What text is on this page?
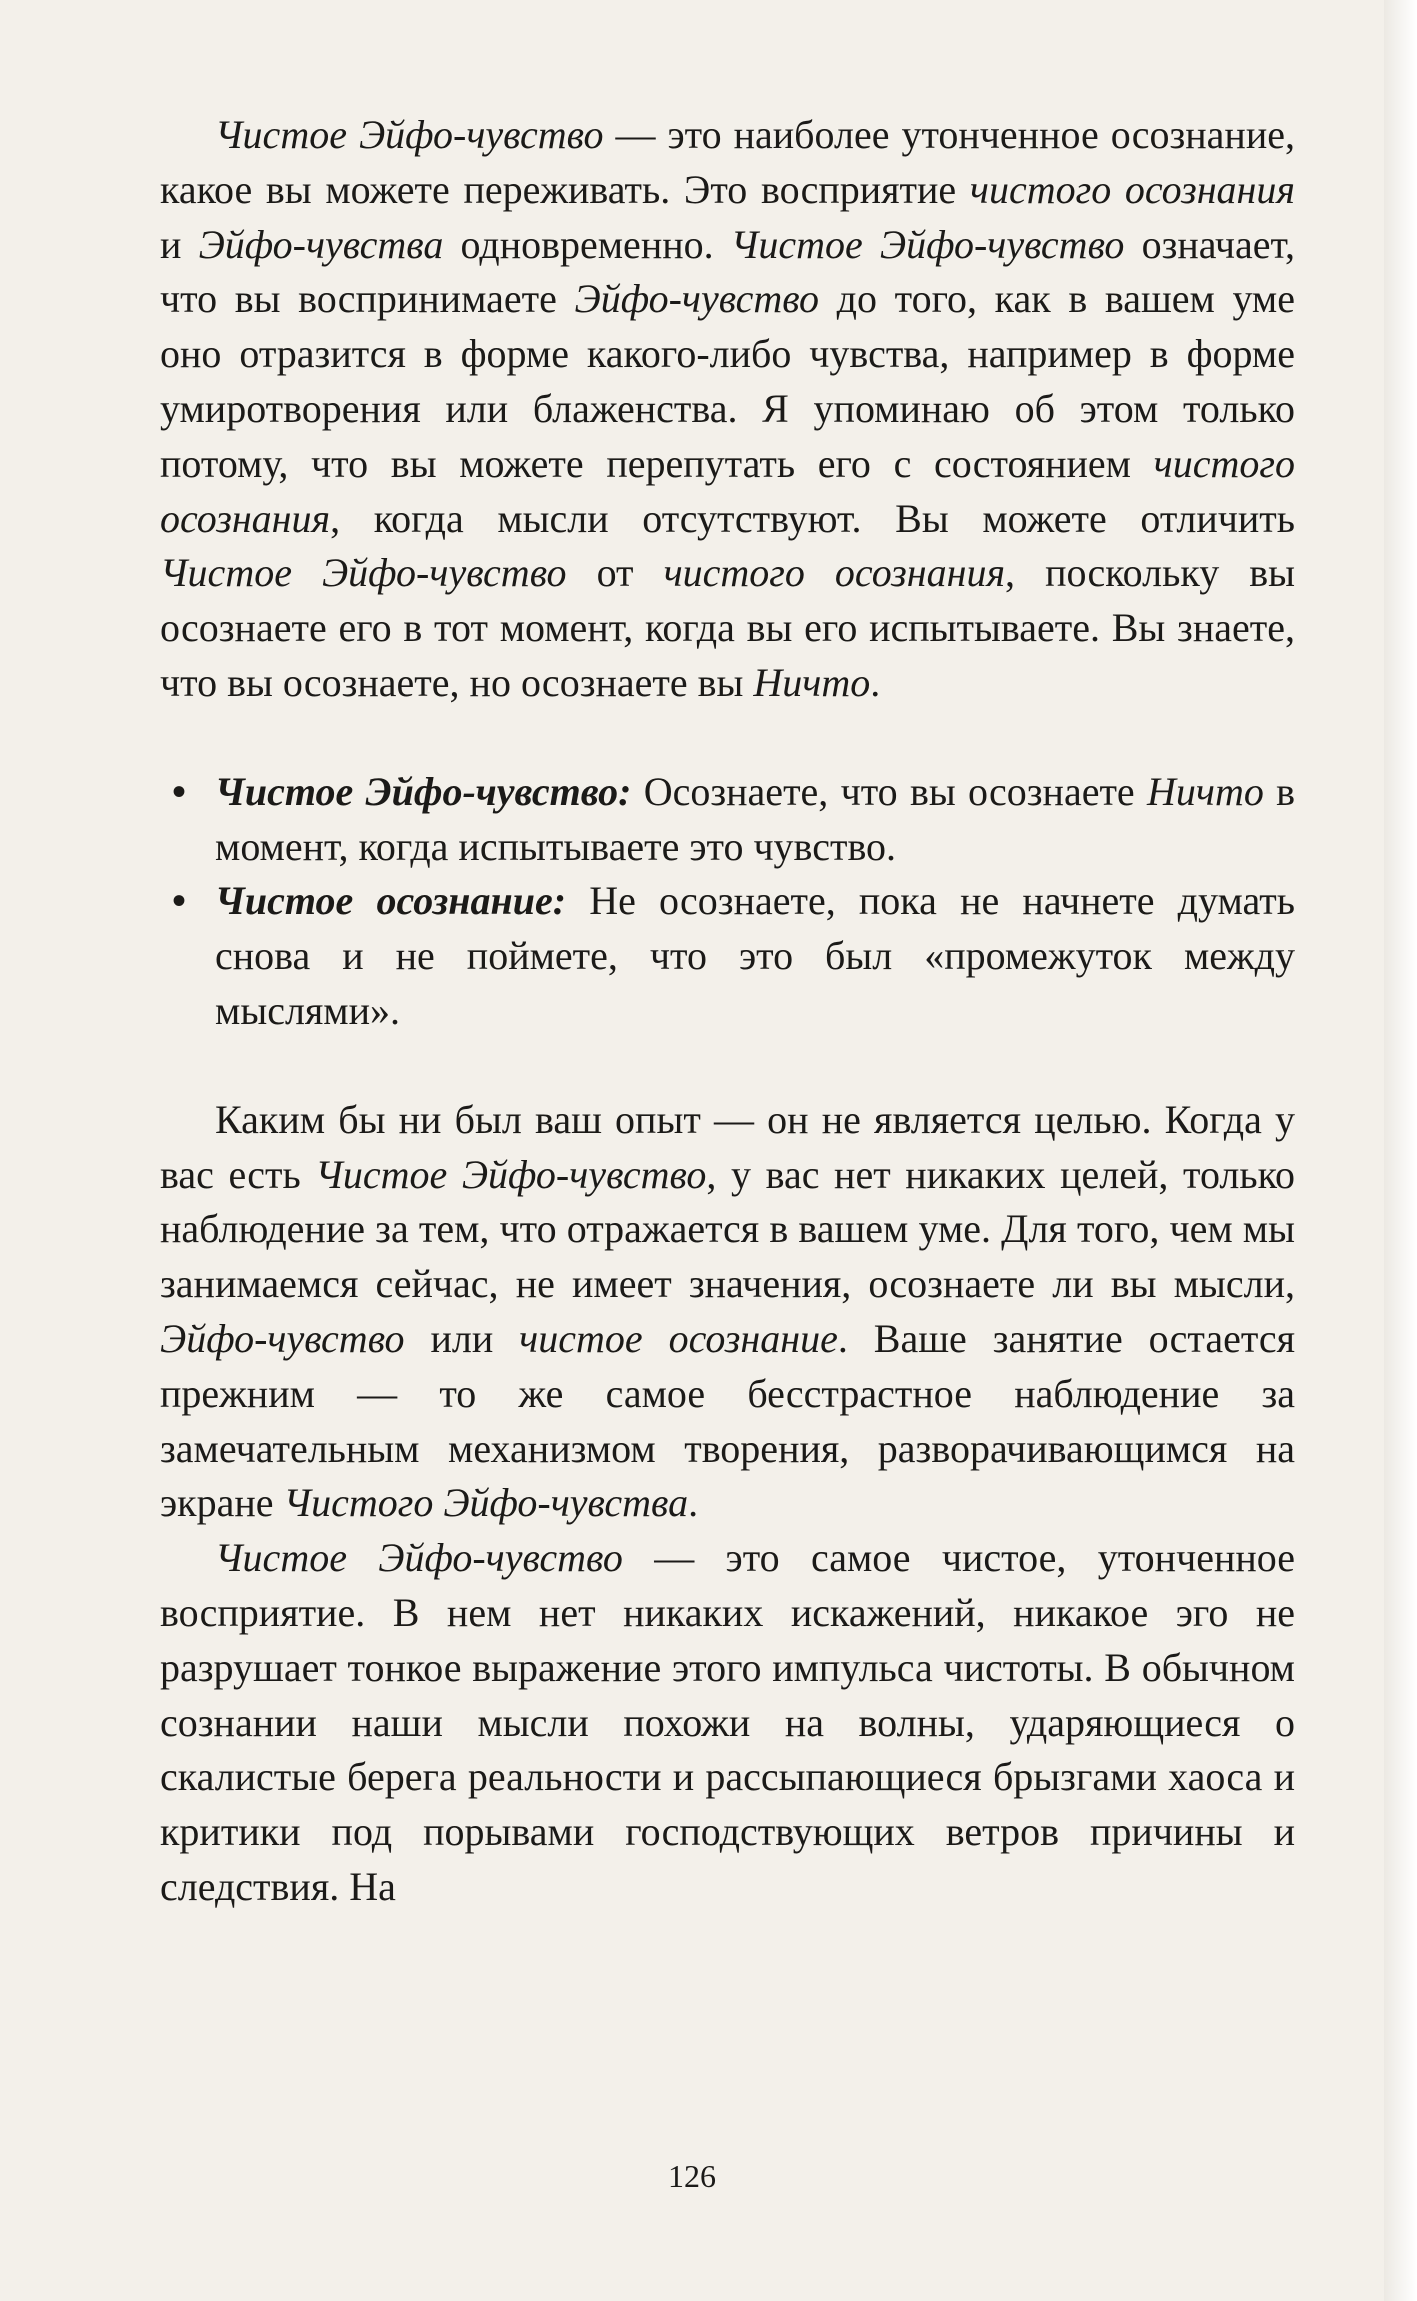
Чистое Эйфо-чувство — это наиболее утонченное осознание, какое вы можете переживать. Это восприятие чистого осознания и Эйфо-чувства одновременно. Чистое Эйфо-чувство означает, что вы воспринимаете Эйфо-чувство до того, как в вашем уме оно отразится в форме какого-либо чувства, например в форме умиротворения или блаженства. Я упоминаю об этом только потому, что вы можете перепутать его с состоянием чистого осознания, когда мысли отсутствуют. Вы можете отличить Чистое Эйфо-чувство от чистого осознания, поскольку вы осознаете его в тот момент, когда вы его испытываете. Вы знаете, что вы осознаете, но осознаете вы Ничто.

• Чистое Эйфо-чувство: Осознаете, что вы осознаете Ничто в момент, когда испытываете это чувство.
• Чистое осознание: Не осознаете, пока не начнете думать снова и не поймете, что это был «промежуток между мыслями».

Каким бы ни был ваш опыт — он не является целью. Когда у вас есть Чистое Эйфо-чувство, у вас нет никаких целей, только наблюдение за тем, что отражается в вашем уме. Для того, чем мы занимаемся сейчас, не имеет значения, осознаете ли вы мысли, Эйфо-чувство или чистое осознание. Ваше занятие остается прежним — то же самое бесстрастное наблюдение за замечательным механизмом творения, разворачивающимся на экране Чистого Эйфо-чувства.

Чистое Эйфо-чувство — это самое чистое, утонченное восприятие. В нем нет никаких искажений, никакое эго не разрушает тонкое выражение этого импульса чистоты. В обычном сознании наши мысли похожи на волны, ударяющиеся о скалистые берега реальности и рассыпающиеся брызгами хаоса и критики под порывами господствующих ветров причины и следствия. На

126
